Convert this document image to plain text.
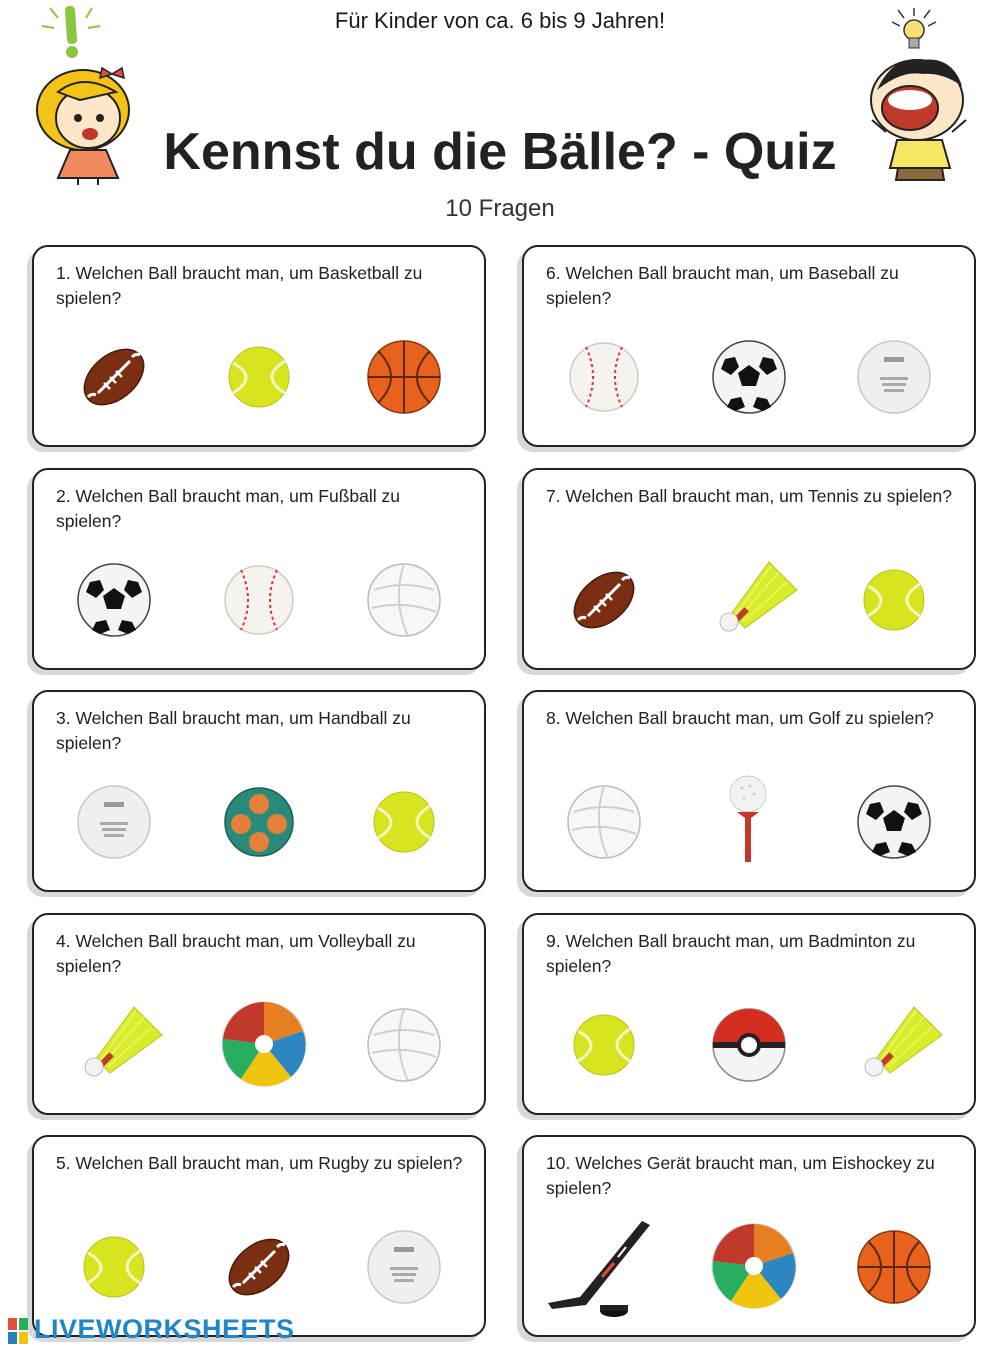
Für Kinder von ca. 6 bis 9 Jahren!
Kennst du die Bälle? - Quiz
10 Fragen
1. Welchen Ball braucht man, um Basketball zu spielen?
2. Welchen Ball braucht man, um Fußball zu spielen?
3. Welchen Ball braucht man, um Handball zu spielen?
4. Welchen Ball braucht man, um Volleyball zu spielen?
5. Welchen Ball braucht man, um Rugby zu spielen?
6. Welchen Ball braucht man, um Baseball zu spielen?
7. Welchen Ball braucht man, um Tennis zu spielen?
8. Welchen Ball braucht man, um Golf zu spielen?
9. Welchen Ball braucht man, um Badminton zu spielen?
10. Welches Gerät braucht man, um Eishockey zu spielen?
LIVEWORKSHEETS
